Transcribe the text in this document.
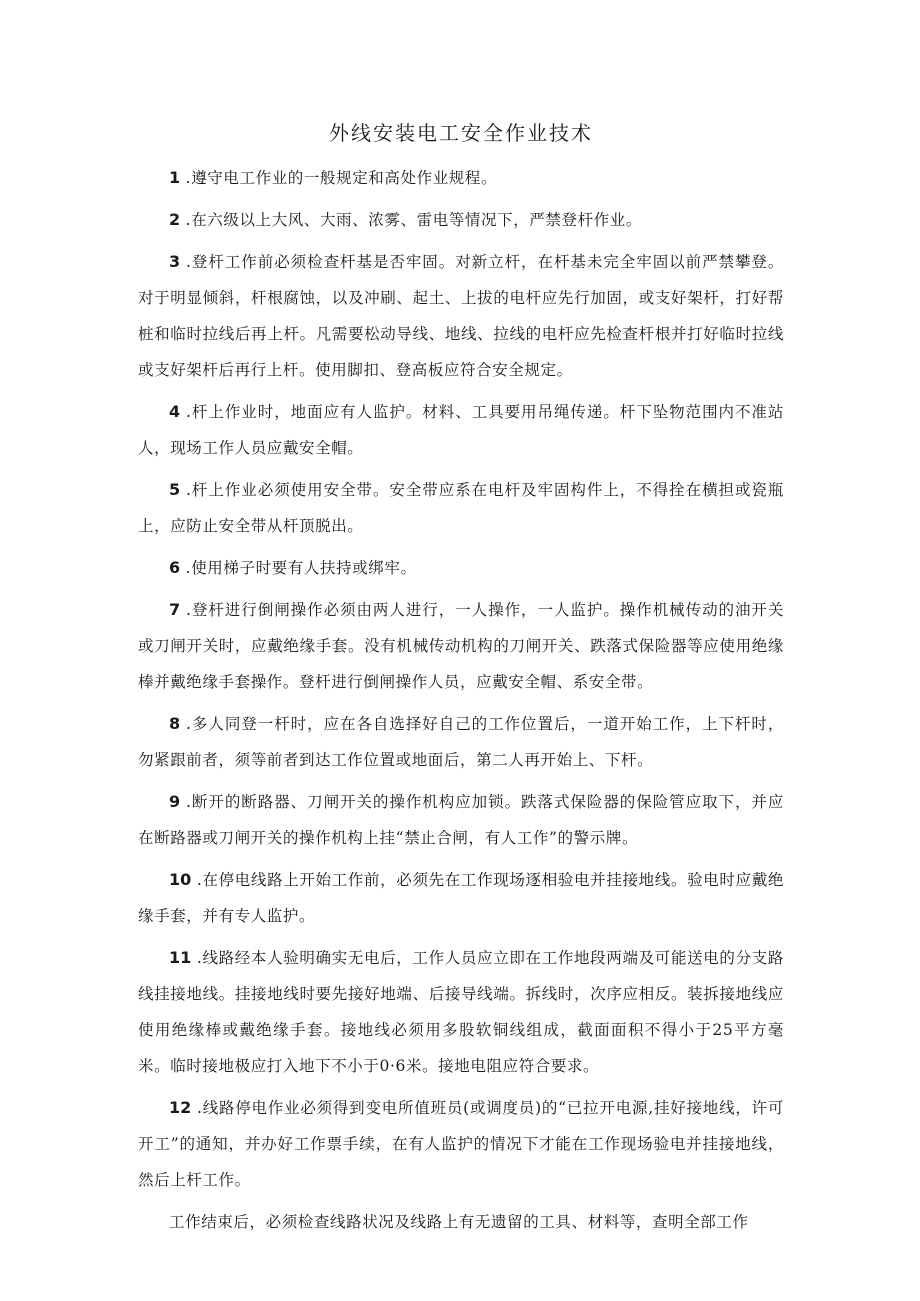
外线安装电工安全作业技术

1 .遵守电工作业的一般规定和高处作业规程。

2 .在六级以上大风、大雨、浓雾、雷电等情况下，严禁登杆作业。

3 .登杆工作前必须检查杆基是否牢固。对新立杆，在杆基未完全牢固以前严禁攀登。对于明显倾斜，杆根腐蚀，以及冲刷、起土、上拔的电杆应先行加固，或支好架杆，打好帮桩和临时拉线后再上杆。凡需要松动导线、地线、拉线的电杆应先检查杆根并打好临时拉线或支好架杆后再行上杆。使用脚扣、登高板应符合安全规定。

4 .杆上作业时，地面应有人监护。材料、工具要用吊绳传递。杆下坠物范围内不准站人，现场工作人员应戴安全帽。

5 .杆上作业必须使用安全带。安全带应系在电杆及牢固构件上，不得拴在横担或瓷瓶上，应防止安全带从杆顶脱出。

6 .使用梯子时要有人扶持或绑牢。

7 .登杆进行倒闸操作必须由两人进行，一人操作，一人监护。操作机械传动的油开关或刀闸开关时，应戴绝缘手套。没有机械传动机构的刀闸开关、跌落式保险器等应使用绝缘棒并戴绝缘手套操作。登杆进行倒闸操作人员，应戴安全帽、系安全带。

8 .多人同登一杆时，应在各自选择好自己的工作位置后，一道开始工作，上下杆时，勿紧跟前者，须等前者到达工作位置或地面后，第二人再开始上、下杆。

9 .断开的断路器、刀闸开关的操作机构应加锁。跌落式保险器的保险管应取下，并应在断路器或刀闸开关的操作机构上挂“禁止合闸，有人工作”的警示牌。

10 .在停电线路上开始工作前，必须先在工作现场逐相验电并挂接地线。验电时应戴绝缘手套，并有专人监护。

11 .线路经本人验明确实无电后，工作人员应立即在工作地段两端及可能送电的分支路线挂接地线。挂接地线时要先接好地端、后接导线端。拆线时，次序应相反。装拆接地线应使用绝缘棒或戴绝缘手套。接地线必须用多股软铜线组成，截面面积不得小于25平方毫米。临时接地极应打入地下不小于0·6米。接地电阻应符合要求。

12 .线路停电作业必须得到变电所值班员(或调度员)的“已拉开电源,挂好接地线，许可开工”的通知，并办好工作票手续，在有人监护的情况下才能在工作现场验电并挂接地线，然后上杆工作。

工作结束后，必须检查线路状况及线路上有无遗留的工具、材料等，查明全部工作
